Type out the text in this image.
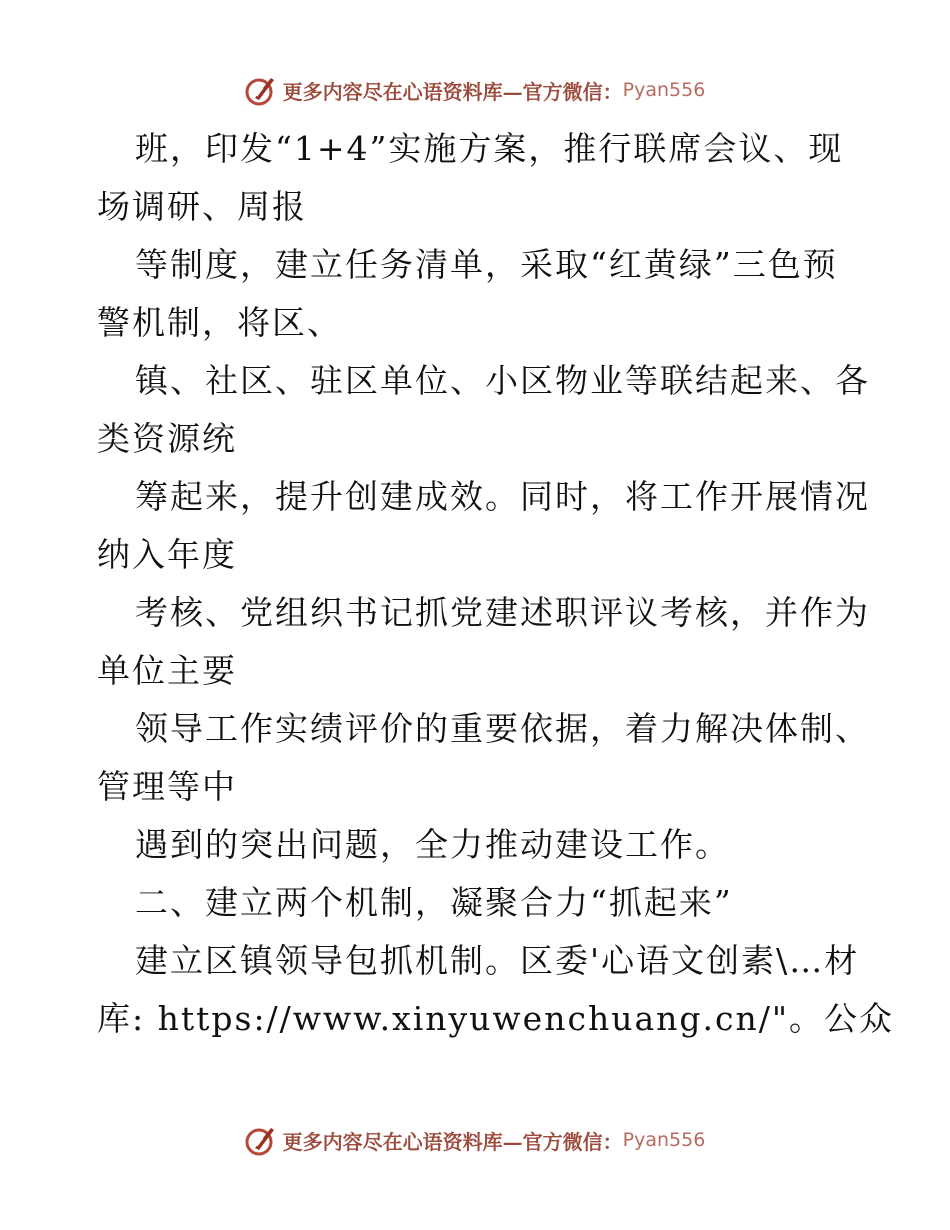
更多内容尽在心语资料库—官方微信： Pyan556
班，印发“1+4”实施方案，推行联席会议、现
场调研、周报
等制度，建立任务清单，采取“红黄绿”三色预
警机制，将区、
镇、社区、驻区单位、小区物业等联结起来、各
类资源统
筹起来，提升创建成效。同时，将工作开展情况
纳入年度
考核、党组织书记抓党建述职评议考核，并作为
单位主要
领导工作实绩评价的重要依据，着力解决体制、
管理等中
遇到的突出问题，全力推动建设工作。
二、建立两个机制，凝聚合力“抓起来”
建立区镇领导包抓机制。区委'心语文创素\…材
库: https://www.xinyuwenchuang.cn/"。公众
更多内容尽在心语资料库—官方微信： Pyan556
